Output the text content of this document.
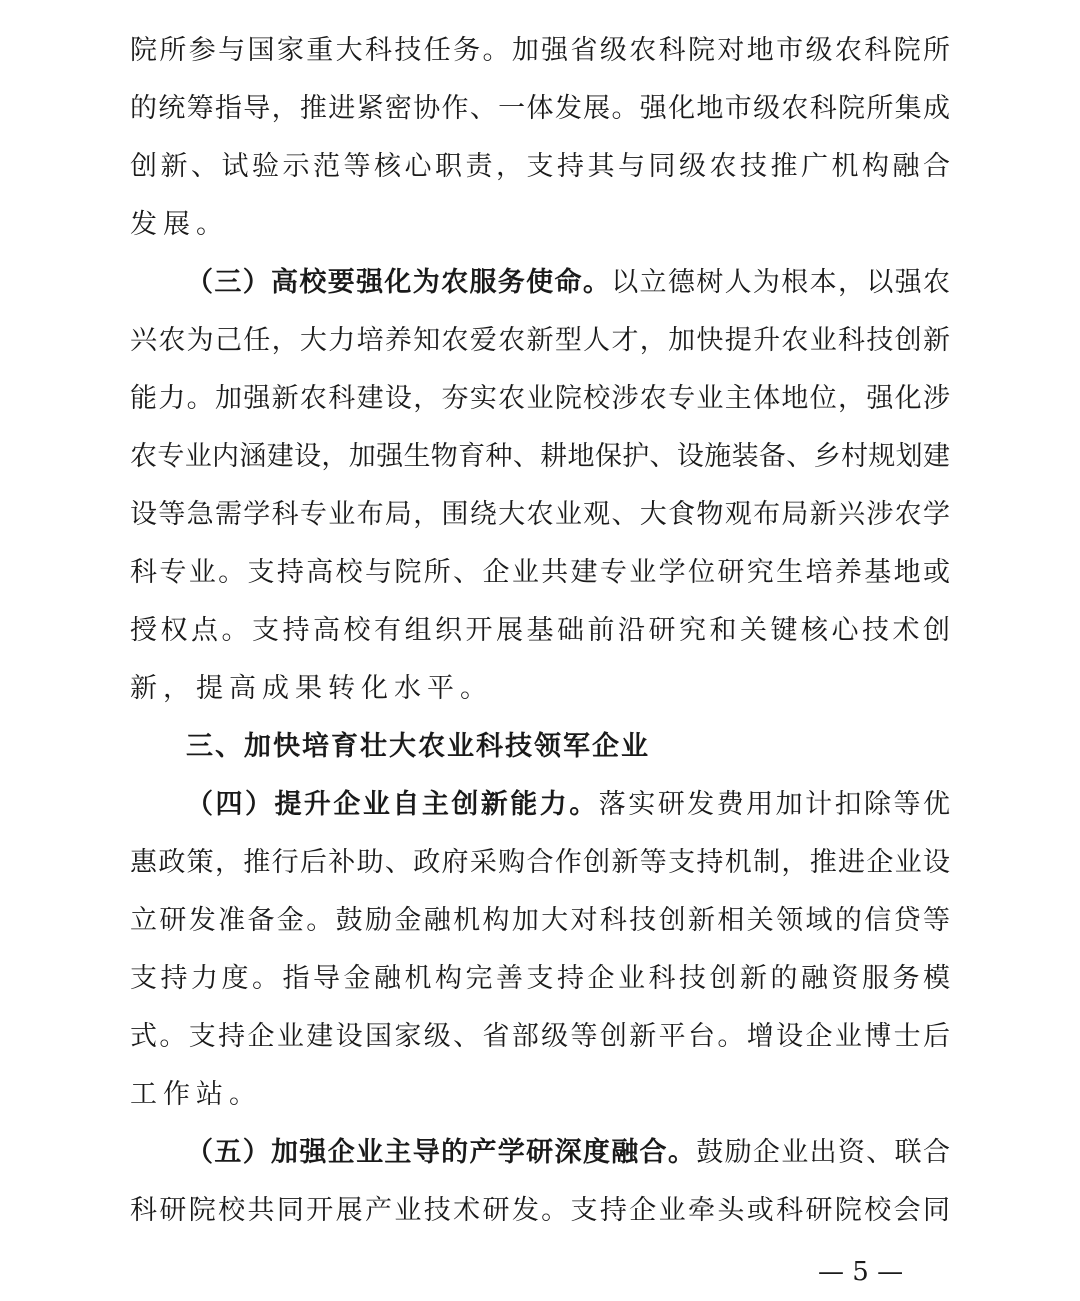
院所参与国家重大科技任务。加强省级农科院对地市级农科院所
的统筹指导，推进紧密协作、一体发展。强化地市级农科院所集成
创新、试验示范等核心职责，支持其与同级农技推广机构融合
发展。
（三）高校要强化为农服务使命。以立德树人为根本，以强农
兴农为己任，大力培养知农爱农新型人才，加快提升农业科技创新
能力。加强新农科建设，夯实农业院校涉农专业主体地位，强化涉
农专业内涵建设，加强生物育种、耕地保护、设施装备、乡村规划建
设等急需学科专业布局，围绕大农业观、大食物观布局新兴涉农学
科专业。支持高校与院所、企业共建专业学位研究生培养基地或
授权点。支持高校有组织开展基础前沿研究和关键核心技术创
新，提高成果转化水平。
三、加快培育壮大农业科技领军企业
（四）提升企业自主创新能力。落实研发费用加计扣除等优
惠政策，推行后补助、政府采购合作创新等支持机制，推进企业设
立研发准备金。鼓励金融机构加大对科技创新相关领域的信贷等
支持力度。指导金融机构完善支持企业科技创新的融资服务模
式。支持企业建设国家级、省部级等创新平台。增设企业博士后
工作站。
（五）加强企业主导的产学研深度融合。鼓励企业出资、联合
科研院校共同开展产业技术研发。支持企业牵头或科研院校会同
— 5 —
